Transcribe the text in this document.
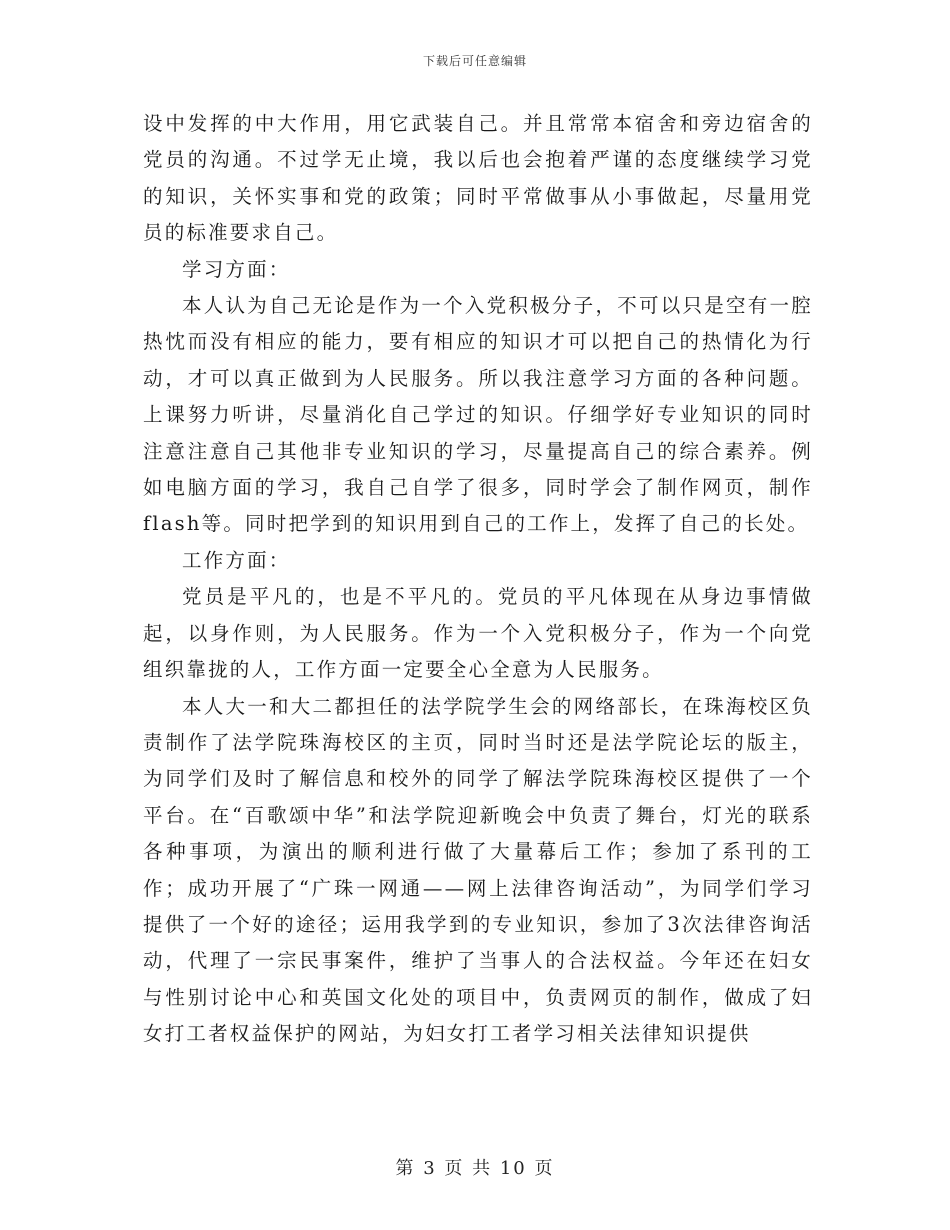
下载后可任意编辑

设中发挥的中大作用，用它武装自己。并且常常本宿舍和旁边宿舍的党员的沟通。不过学无止境，我以后也会抱着严谨的态度继续学习党的知识，关怀实事和党的政策；同时平常做事从小事做起，尽量用党员的标准要求自己。

学习方面：

本人认为自己无论是作为一个入党积极分子，不可以只是空有一腔热忱而没有相应的能力，要有相应的知识才可以把自己的热情化为行动，才可以真正做到为人民服务。所以我注意学习方面的各种问题。上课努力听讲，尽量消化自己学过的知识。仔细学好专业知识的同时注意注意自己其他非专业知识的学习，尽量提高自己的综合素养。例如电脑方面的学习，我自己自学了很多，同时学会了制作网页，制作flash等。同时把学到的知识用到自己的工作上，发挥了自己的长处。

工作方面：

党员是平凡的，也是不平凡的。党员的平凡体现在从身边事情做起，以身作则，为人民服务。作为一个入党积极分子，作为一个向党组织靠拢的人，工作方面一定要全心全意为人民服务。

本人大一和大二都担任的法学院学生会的网络部长，在珠海校区负责制作了法学院珠海校区的主页，同时当时还是法学院论坛的版主，为同学们及时了解信息和校外的同学了解法学院珠海校区提供了一个平台。在“百歌颂中华”和法学院迎新晚会中负责了舞台，灯光的联系各种事项，为演出的顺利进行做了大量幕后工作；参加了系刊的工作；成功开展了“广珠一网通——网上法律咨询活动”，为同学们学习提供了一个好的途径；运用我学到的专业知识，参加了3次法律咨询活动，代理了一宗民事案件，维护了当事人的合法权益。今年还在妇女与性别讨论中心和英国文化处的项目中，负责网页的制作，做成了妇女打工者权益保护的网站，为妇女打工者学习相关法律知识提供

第 3 页 共 10 页
